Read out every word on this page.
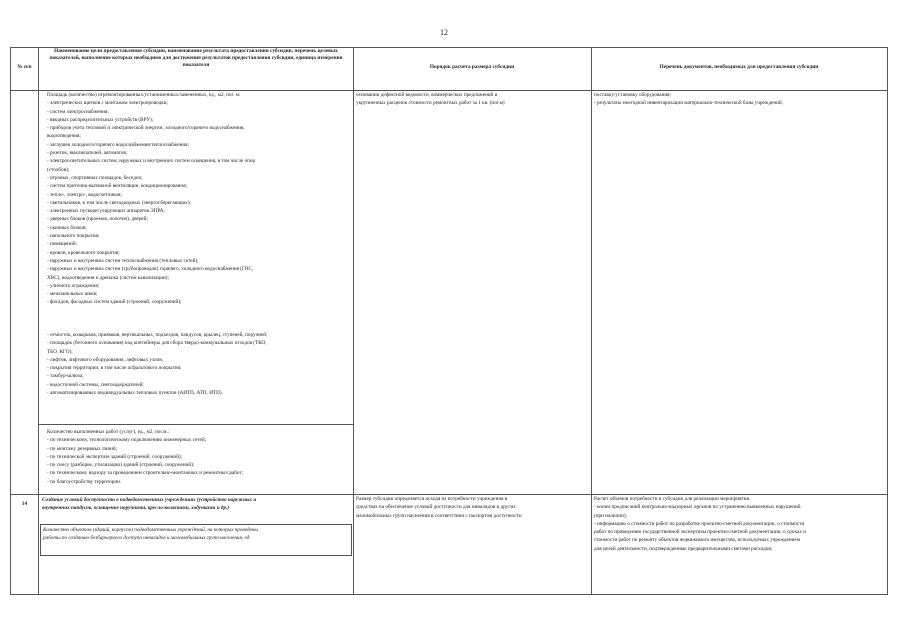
12
№ п/п
Наименование цели предоставления субсидии, наименование результата предоставления субсидии, перечень целевых показателей, выполнение которых необходимо для достижения результатов предоставления субсидии, единица измерения показателя	Порядок расчета размера субсидии	Перечень документов, необходимых для предоставления субсидии
Площадь (количество) отремонтированных/установленных/замененных, ед., м2, пог. м:
- электрических щитков с монтажом электропроводки;
- систем электроснабжения;
- вводных распределительных устройств (ВРУ);
- приборов учета тепловой и электрической энергии, холодного/горячего водоснабжения,
водоотведения;
- заглушек холодного/горячего водоснабжения/теплоснабжения;
- розеток, выключателей, автоматов;
- электроосветительных систем, наружных и внутренних систем освещения, в том числе опор
(столбов);
- игровых, спортивных площадок, беседок;
- систем приточно-вытяжной вентиляции, кондиционирования;
- тепло-, электро-, водосчетчиков;
- светильников, в том числе светодиодных (энергосберегающих);
- электронных пускорегулирующих аппаратов ЭПРА;
- дверных блоков (проемов, полотен), дверей;
- оконных блоков;
- напольного покрытия;
- помещений;
- кровли, кровельного покрытия;
- наружных и внутренних систем теплоснабжения (тепловых сетей);
- наружных и внутренних систем (трубопроводов) горячего, холодного водоснабжения (ГВС,
ХВС), водоотведения и дренажа (систем канализации);
- уличного ограждения;
- межпанельных швов;
- фасадов, фасадных систем зданий (строений, сооружений);
- отмосток, козырьков, приямков, вертикальных, подъездов, пандусов, крылец, ступеней, поручней;
- площадок (бетонного основания) под контейнеры для сбора твердо-коммунальных отходов (ТКО,
ТБО, КГО);
- лифтов, лифтового оборудования, лифтовых узлов;
- покрытия территории, в том числе асфальтового покрытия;
- тамбур-шлюза;
- водосточной системы, снегозадержателей;
- автоматизированных индивидуальных тепловых пунктов (АИТП, АТП, ИТП).
Количество выполненных работ (услуг), ед., м2, пог.м.:
- по техническому, технологическому подключению инженерных сетей;
- по монтажу резервных линий;
- по технической экспертизе зданий (строений, сооружений);
- по сносу (разборке, утилизации) зданий (строений, сооружений);
- по техническому надзору за проведением строительно-монтажных и ремонтных работ;
- по благоустройству территории.
основании дефектной ведомости, коммерческих предложений и
укрупненных расценок стоимости ремонтных работ за 1 кв. (пог.м)
поставку/установку оборудования;
- результаты ежегодной инвентаризации материально-технической базы учреждений;
14
Создание условий доступности в подведомственных учреждениях (устройство наружных и
внутренних пандусов, оснащение поручнями, кресло-колясками, ходунками и др.)
Количество объектов (зданий, корпусов) подведомственных учреждений, на которых проведены
работы по созданию безбарьерного доступа инвалидов и маломобильных групп населения, ед.
Размер субсидии определяется исходя из потребности учреждения в
средствах на обеспечение условий доступности для инвалидов и других
маломобильных групп населения в соответствии с паспортом доступности
Расчет объемов потребности в субсидии для реализации мероприятия.
- копии предписаний контрольно-надзорных органов по устранению выявленных нарушений
(при наличии);
- информацию о стоимости работ по разработке проектно-сметной документации, о стоимости
работ по проведению государственной экспертизы проектно-сметной документации, о сроках и
стоимости работ по ремонту объектов недвижимого имущества, используемых учреждением
для целей деятельности, подтвержденные предварительными сметами расходов;
